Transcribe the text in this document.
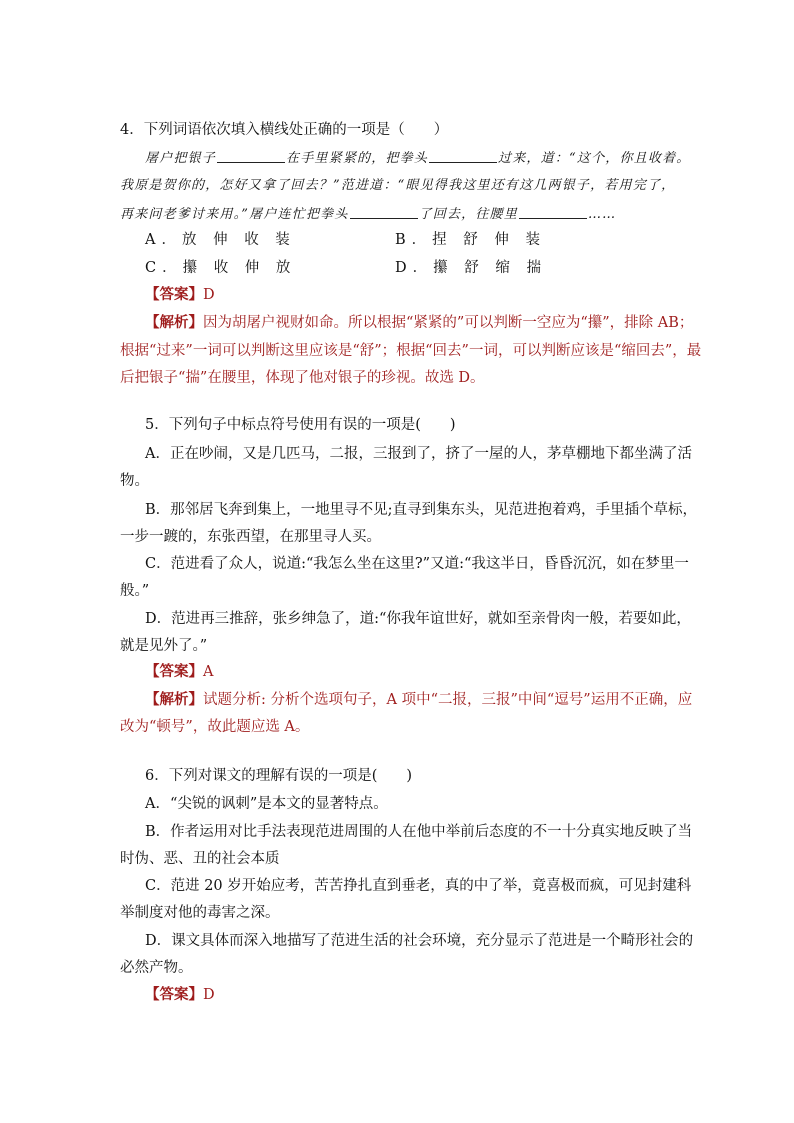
4．下列词语依次填入横线处正确的一项是（　　）
屠户把银子	在手里紧紧的，把拳头	过来，道：“这个，你且收着。
我原是贺你的，怎好又拿了回去？”范进道：“眼见得我这里还有这几两银子，若用完了，
再来问老爹讨来用。”屠户连忙把拳头	了回去，往腰里	……
A．放 伸 收 装	B．捏 舒 伸 装
C．攥 收 伸 放	D．攥 舒 缩 揣
【答案】D
【解析】因为胡屠户视财如命。所以根据“紧紧的”可以判断一空应为“攥”，排除 AB；
根据“过来”一词可以判断这里应该是“舒”；根据“回去”一词，可以判断应该是“缩回去”，最
后把银子“揣”在腰里，体现了他对银子的珍视。故选 D。
5．下列句子中标点符号使用有误的一项是(　　)
A．正在吵闹，又是几匹马，二报，三报到了，挤了一屋的人，茅草棚地下都坐满了活
物。
B．那邻居飞奔到集上，一地里寻不见;直寻到集东头，见范进抱着鸡，手里插个草标，
一步一踱的，东张西望，在那里寻人买。
C．范进看了众人，说道:“我怎么坐在这里?”又道:“我这半日，昏昏沉沉，如在梦里一
般。”
D．范进再三推辞，张乡绅急了，道:“你我年谊世好，就如至亲骨肉一般，若要如此，
就是见外了。”
【答案】A
【解析】试题分析: 分析个选项句子，A 项中“二报，三报”中间“逗号”运用不正确，应
改为“顿号”，故此题应选 A。
6．下列对课文的理解有误的一项是(　　)
A．“尖锐的讽刺”是本文的显著特点。
B．作者运用对比手法表现范进周围的人在他中举前后态度的不一十分真实地反映了当
时伪、恶、丑的社会本质
C．范进 20 岁开始应考，苦苦挣扎直到垂老，真的中了举，竟喜极而疯，可见封建科
举制度对他的毒害之深。
D．课文具体而深入地描写了范进生活的社会环境，充分显示了范进是一个畸形社会的
必然产物。
【答案】D
